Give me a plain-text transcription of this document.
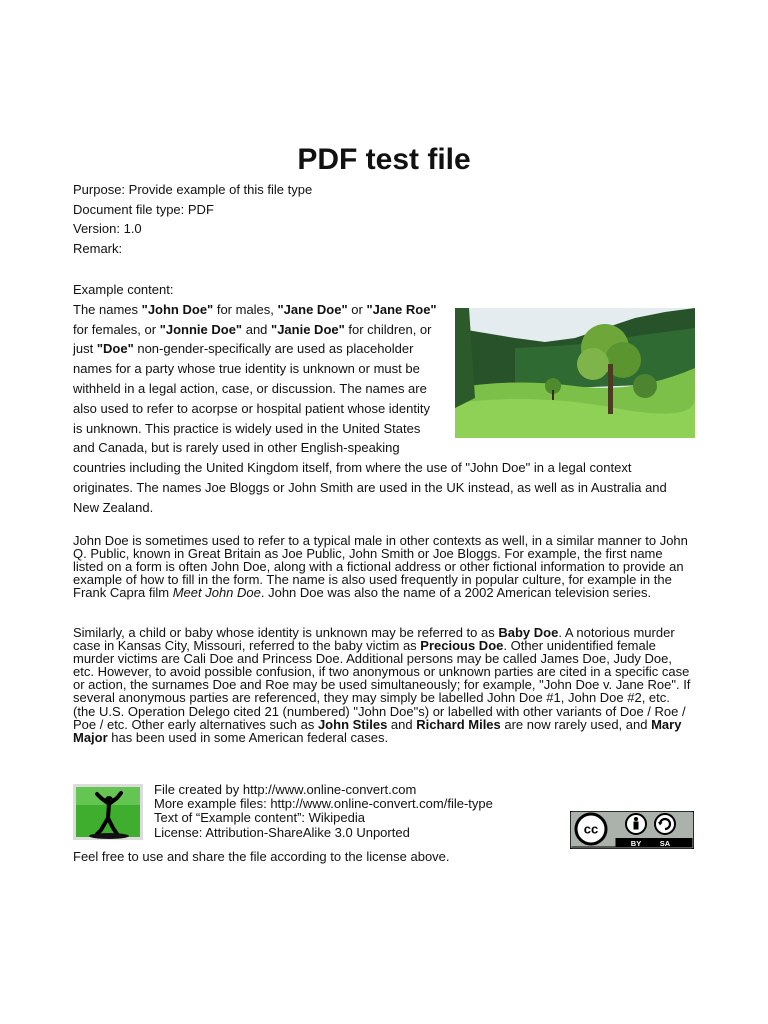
PDF test file
Purpose: Provide example of this file type
Document file type: PDF
Version: 1.0
Remark:
Example content:

The names "John Doe" for males, "Jane Doe" or "Jane Roe" for females, or "Jonnie Doe" and "Janie Doe" for children, or just "Doe" non-gender-specifically are used as placeholder names for a party whose true identity is unknown or must be withheld in a legal action, case, or discussion. The names are also used to refer to acorpse or hospital patient whose identity is unknown. This practice is widely used in the United States and Canada, but is rarely used in other English-speaking countries including the United Kingdom itself, from where the use of "John Doe" in a legal context originates. The names Joe Bloggs or John Smith are used in the UK instead, as well as in Australia and New Zealand.

John Doe is sometimes used to refer to a typical male in other contexts as well, in a similar manner to John Q. Public, known in Great Britain as Joe Public, John Smith or Joe Bloggs. For example, the first name listed on a form is often John Doe, along with a fictional address or other fictional information to provide an example of how to fill in the form. The name is also used frequently in popular culture, for example in the Frank Capra film Meet John Doe. John Doe was also the name of a 2002 American television series.

Similarly, a child or baby whose identity is unknown may be referred to as Baby Doe. A notorious murder case in Kansas City, Missouri, referred to the baby victim as Precious Doe. Other unidentified female murder victims are Cali Doe and Princess Doe. Additional persons may be called James Doe, Judy Doe, etc. However, to avoid possible confusion, if two anonymous or unknown parties are cited in a specific case or action, the surnames Doe and Roe may be used simultaneously; for example, "John Doe v. Jane Roe". If several anonymous parties are referenced, they may simply be labelled John Doe #1, John Doe #2, etc. (the U.S. Operation Delego cited 21 (numbered) "John Doe"s) or labelled with other variants of Doe / Roe / Poe / etc. Other early alternatives such as John Stiles and Richard Miles are now rarely used, and Mary Major has been used in some American federal cases.

File created by http://www.online-convert.com
More example files: http://www.online-convert.com/file-type
Text of “Example content”: Wikipedia
License: Attribution-ShareAlike 3.0 Unported	cc
BY SA
Feel free to use and share the file according to the license above.
